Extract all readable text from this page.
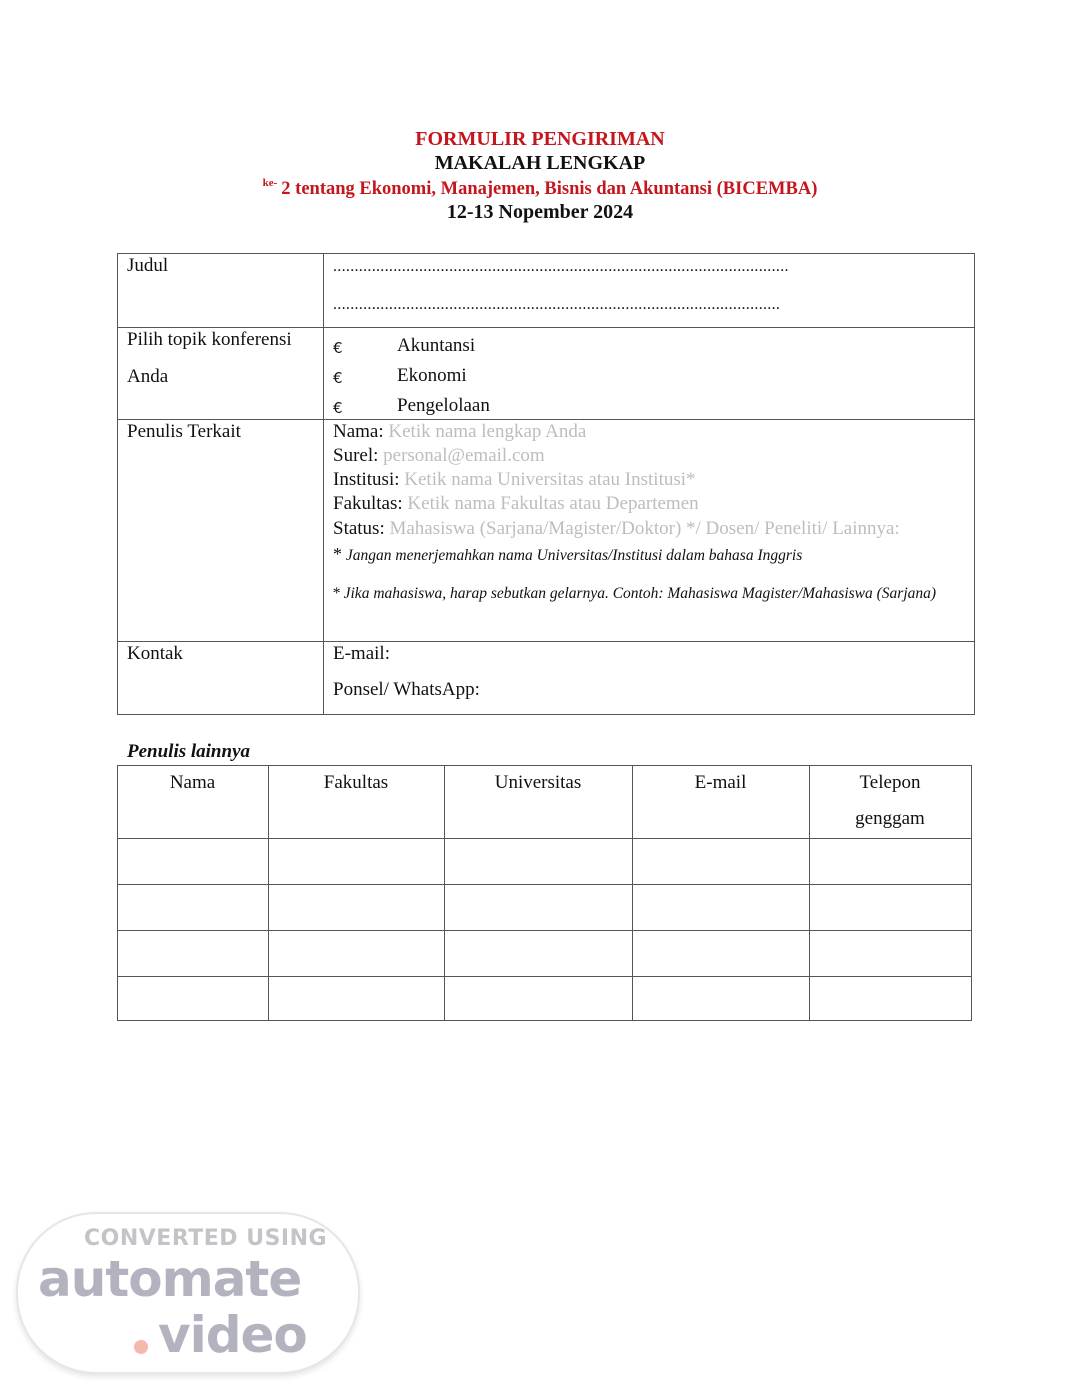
FORMULIR PENGIRIMAN
MAKALAH LENGKAP
$^{ke-}$ 2 tentang Ekonomi, Manajemen, Bisnis dan Akuntansi (BICEMBA)
12-13 Nopember 2024
Judul	..........................................................................................................
........................................................................................................
Pilih topik konferensi
Anda
€	Akuntansi
€	Ekonomi
€	Pengelolaan
Penulis Terkait	Nama: Ketik nama lengkap Anda
Surel: personal@email.com
Institusi: Ketik nama Universitas atau Institusi*
Fakultas: Ketik nama Fakultas atau Departemen
Status: Mahasiswa (Sarjana/Magister/Doktor) */ Dosen/ Peneliti/ Lainnya:
* Jangan menerjemahkan nama Universitas/Institusi dalam bahasa Inggris
* Jika mahasiswa, harap sebutkan gelarnya. Contoh: Mahasiswa Magister/Mahasiswa (Sarjana)
Kontak	E-mail:
Ponsel/ WhatsApp:
Penulis lainnya
Nama	Fakultas	Universitas	E-mail	Telepon genggam
CONVERTED USING
automate
video
